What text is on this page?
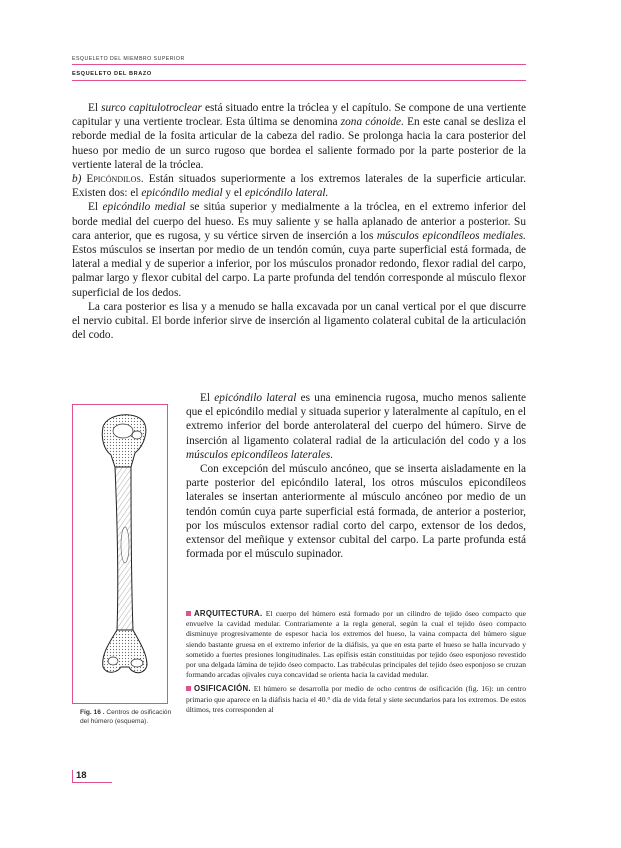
ESQUELETO DEL MIEMBRO SUPERIOR
ESQUELETO DEL BRAZO

El surco capitulotroclear está situado entre la tróclea y el capítulo. Se compone de una vertiente capitular y una vertiente troclear. Esta última se denomina zona cónoide. En este canal se desliza el reborde medial de la fosita articular de la cabeza del radio. Se prolonga hacia la cara posterior del hueso por medio de un surco rugoso que bordea el saliente formado por la parte posterior de la vertiente lateral de la tróclea.

b) Epicóndilos. Están situados superiormente a los extremos laterales de la superficie articular. Existen dos: el epicóndilo medial y el epicóndilo lateral.

El epicóndilo medial se sitúa superior y medialmente a la tróclea, en el extremo inferior del borde medial del cuerpo del hueso. Es muy saliente y se halla aplanado de anterior a posterior. Su cara anterior, que es rugosa, y su vértice sirven de inserción a los músculos epicondíleos mediales. Estos músculos se insertan por medio de un tendón común, cuya parte superficial está formada, de lateral a medial y de superior a inferior, por los músculos pronador redondo, flexor radial del carpo, palmar largo y flexor cubital del carpo. La parte profunda del tendón corresponde al músculo flexor superficial de los dedos.

La cara posterior es lisa y a menudo se halla excavada por un canal vertical por el que discurre el nervio cubital. El borde inferior sirve de inserción al ligamento colateral cubital de la articulación del codo.

Fig. 16 . Centros de osificación del húmero (esquema).

El epicóndilo lateral es una eminencia rugosa, mucho menos saliente que el epicóndilo medial y situada superior y lateralmente al capítulo, en el extremo inferior del borde anterolateral del cuerpo del húmero. Sirve de inserción al ligamento colateral radial de la articulación del codo y a los músculos epicondíleos laterales.

Con excepción del músculo ancóneo, que se inserta aisladamente en la parte posterior del epicóndilo lateral, los otros músculos epicondíleos laterales se insertan anteriormente al músculo ancóneo por medio de un tendón común cuya parte superficial está formada, de anterior a posterior, por los músculos extensor radial corto del carpo, extensor de los dedos, extensor del meñique y extensor cubital del carpo. La parte profunda está formada por el músculo supinador.

ARQUITECTURA. El cuerpo del húmero está formado por un cilindro de tejido óseo compacto que envuelve la cavidad medular. Contrariamente a la regla general, según la cual el tejido óseo compacto disminuye progresivamente de espesor hacia los extremos del hueso, la vaina compacta del húmero sigue siendo bastante gruesa en el extremo inferior de la diáfisis, ya que en esta parte el hueso se halla incurvado y sometido a fuertes presiones longitudinales. Las epífisis están constituidas por tejido óseo esponjoso revestido por una delgada lámina de tejido óseo compacto. Las trabéculas principales del tejido óseo esponjoso se cruzan formando arcadas ojivales cuya concavidad se orienta hacia la cavidad medular.

OSIFICACIÓN. El húmero se desarrolla por medio de ocho centros de osificación (fig. 16): un centro primario que aparece en la diáfisis hacia el 40.° día de vida fetal y siete secundarios para los extremos. De estos últimos, tres corresponden al

18
